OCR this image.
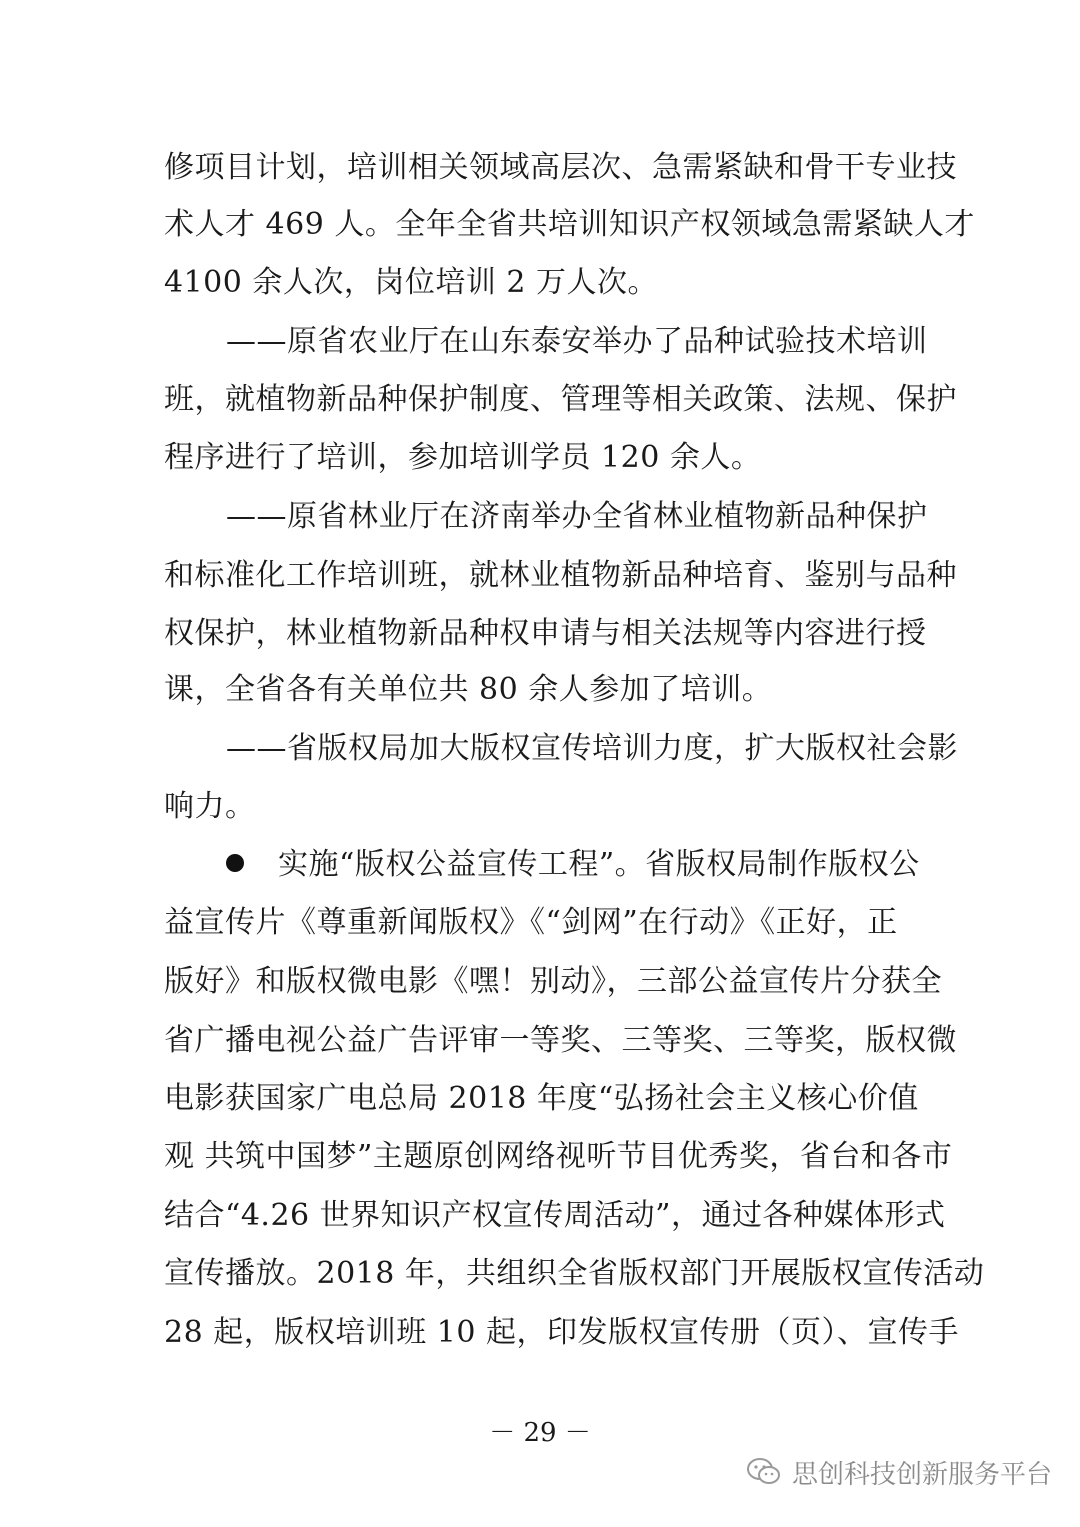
修项目计划，培训相关领域高层次、急需紧缺和骨干专业技
术人才 469 人。全年全省共培训知识产权领域急需紧缺人才
4100 余人次，岗位培训 2 万人次。
——原省农业厅在山东泰安举办了品种试验技术培训
班，就植物新品种保护制度、管理等相关政策、法规、保护
程序进行了培训，参加培训学员 120 余人。
——原省林业厅在济南举办全省林业植物新品种保护
和标准化工作培训班，就林业植物新品种培育、鉴别与品种
权保护，林业植物新品种权申请与相关法规等内容进行授
课，全省各有关单位共 80 余人参加了培训。
——省版权局加大版权宣传培训力度，扩大版权社会影
响力。
实施“版权公益宣传工程”。省版权局制作版权公
益宣传片《尊重新闻版权》《“剑网”在行动》《正好，正
版好》和版权微电影《嘿！别动》，三部公益宣传片分获全
省广播电视公益广告评审一等奖、三等奖、三等奖，版权微
电影获国家广电总局 2018 年度“弘扬社会主义核心价值
观 共筑中国梦”主题原创网络视听节目优秀奖，省台和各市
结合“4.26 世界知识产权宣传周活动”，通过各种媒体形式
宣传播放。2018 年，共组织全省版权部门开展版权宣传活动
28 起，版权培训班 10 起，印发版权宣传册（页）、宣传手
－ 29 －
思创科技创新服务平台
